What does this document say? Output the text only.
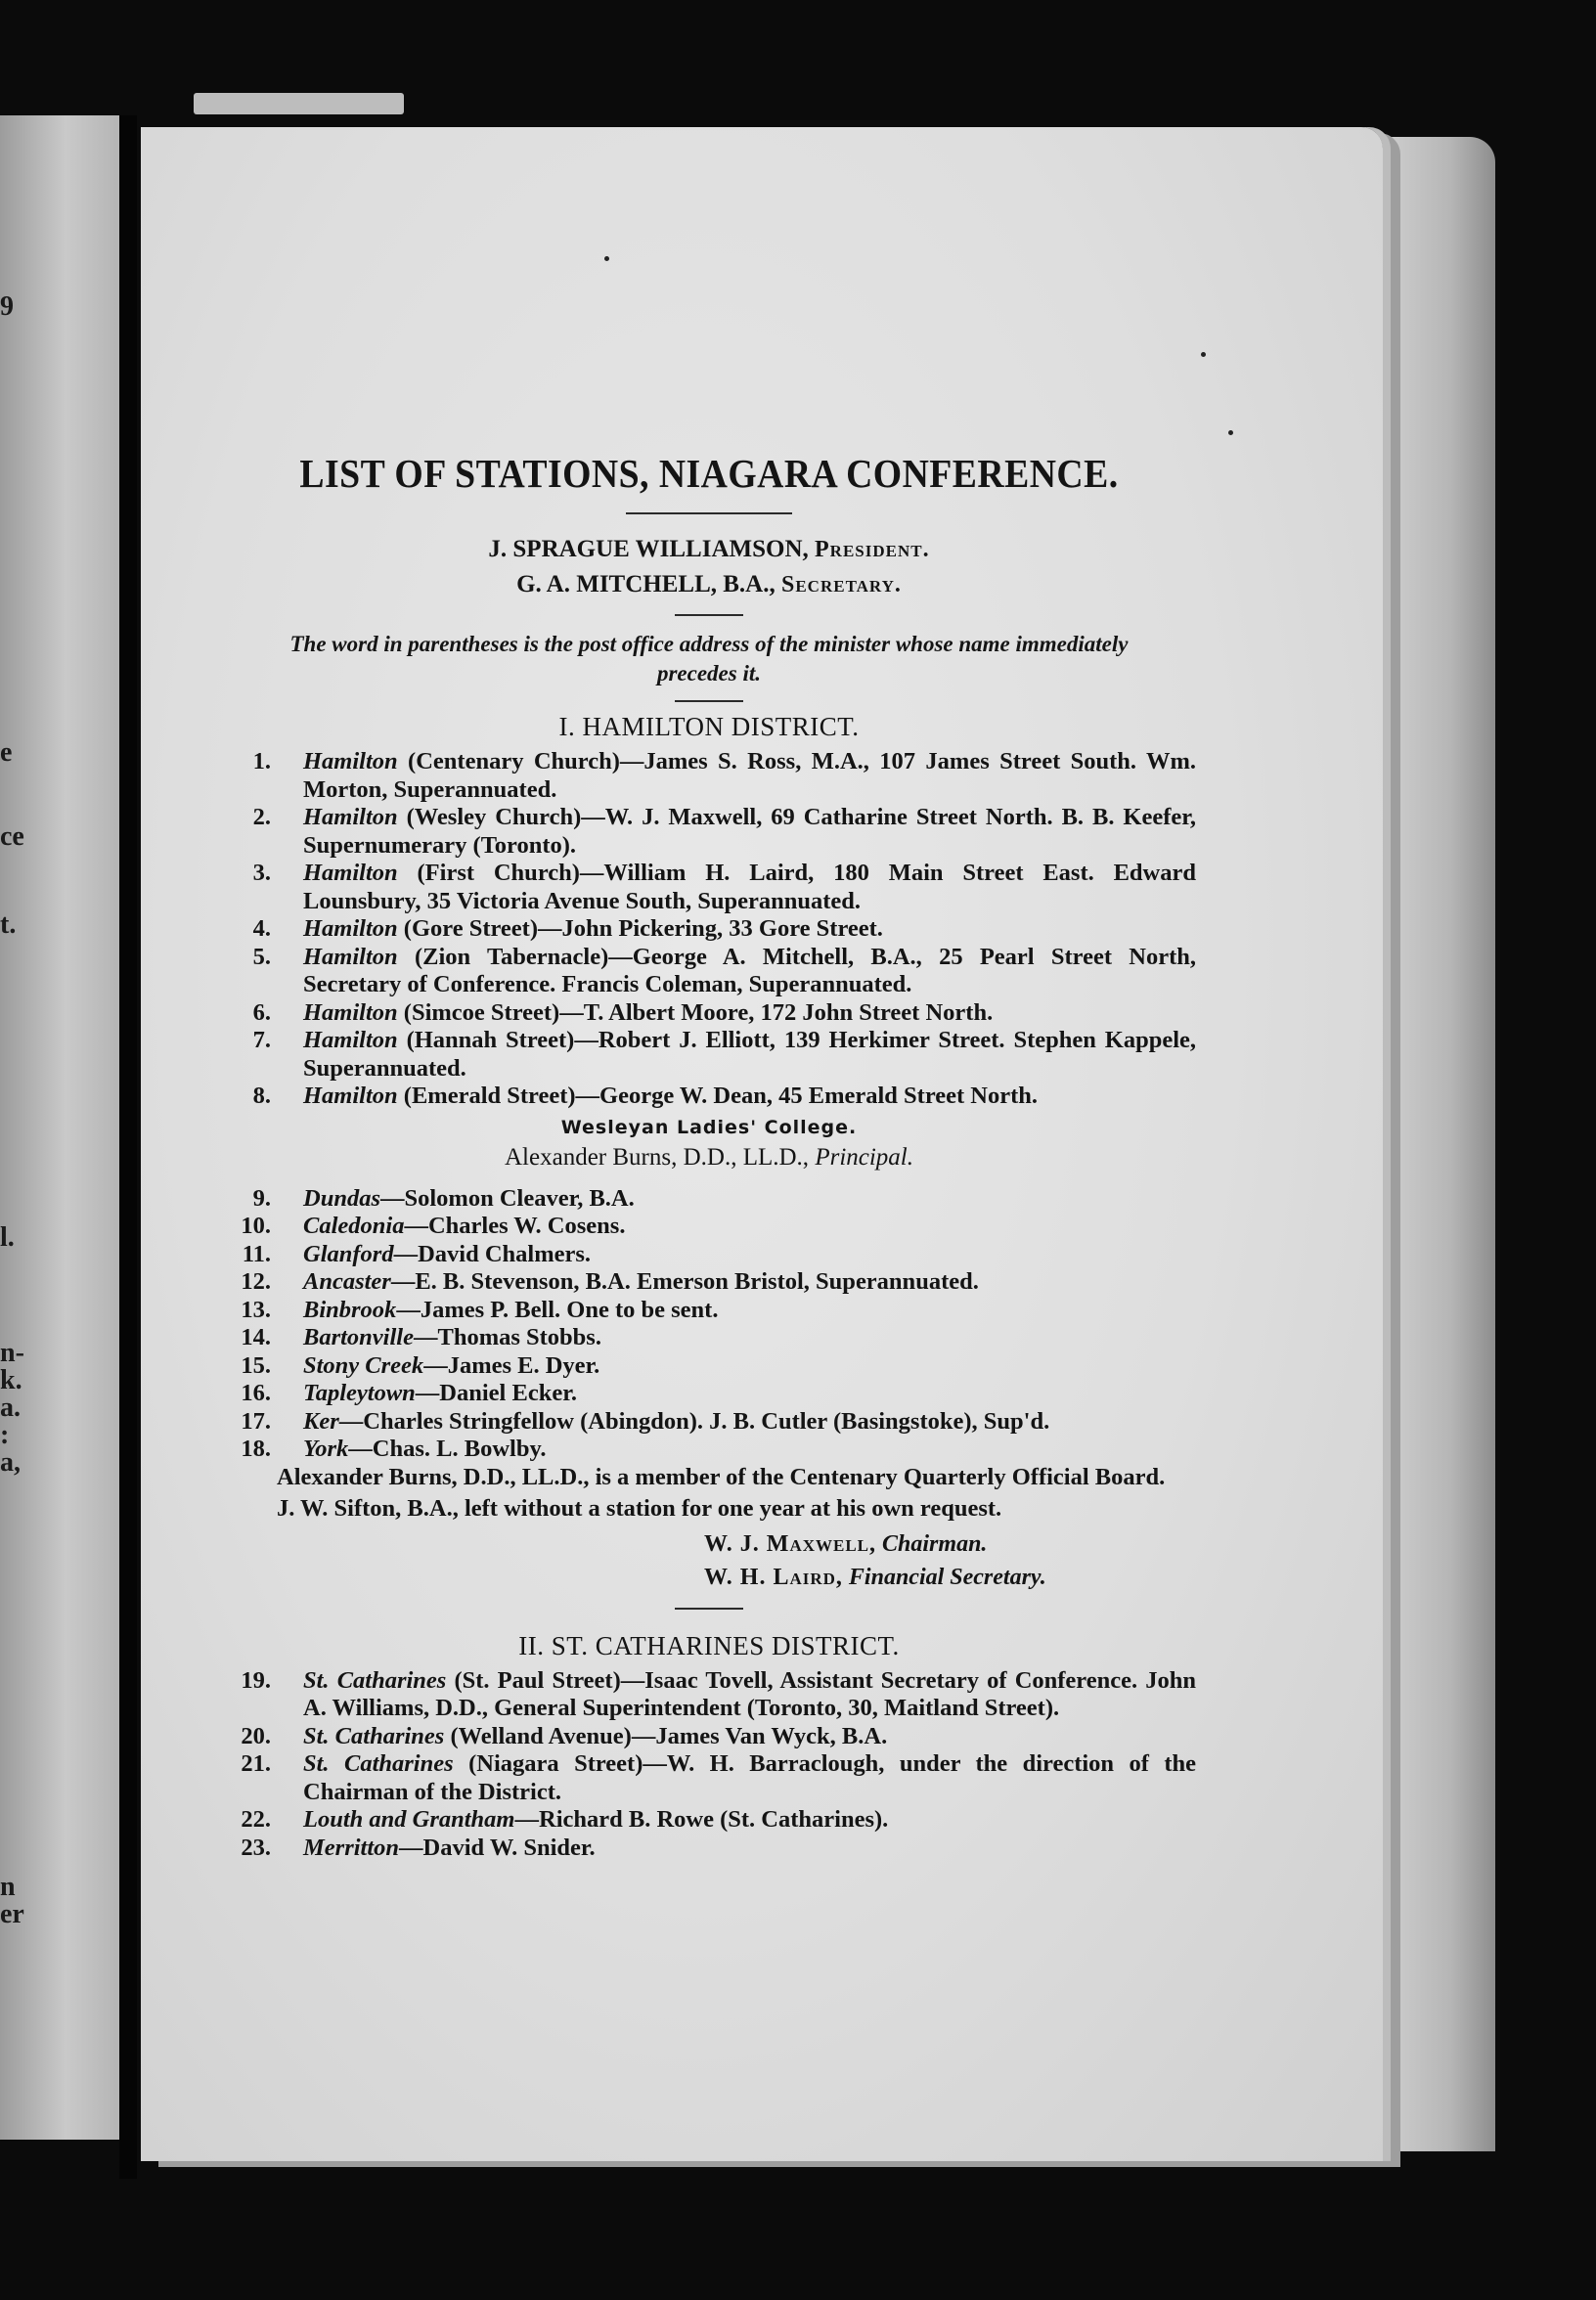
9
e
ce
t.
l.
n-
k.
a.
:
a,
n
er
LIST OF STATIONS, NIAGARA CONFERENCE.
J. SPRAGUE WILLIAMSON, President.
G. A. MITCHELL, B.A., Secretary.
The word in parentheses is the post office address of the minister whose name immediately precedes it.
I. HAMILTON DISTRICT.
1. Hamilton (Centenary Church)—James S. Ross, M.A., 107 James Street South. Wm. Morton, Superannuated.
2. Hamilton (Wesley Church)—W. J. Maxwell, 69 Catharine Street North. B. B. Keefer, Supernumerary (Toronto).
3. Hamilton (First Church)—William H. Laird, 180 Main Street East. Edward Lounsbury, 35 Victoria Avenue South, Superannuated.
4. Hamilton (Gore Street)—John Pickering, 33 Gore Street.
5. Hamilton (Zion Tabernacle)—George A. Mitchell, B.A., 25 Pearl Street North, Secretary of Conference. Francis Coleman, Superannuated.
6. Hamilton (Simcoe Street)—T. Albert Moore, 172 John Street North.
7. Hamilton (Hannah Street)—Robert J. Elliott, 139 Herkimer Street. Stephen Kappele, Superannuated.
8. Hamilton (Emerald Street)—George W. Dean, 45 Emerald Street North.
Wesleyan Ladies' College.
Alexander Burns, D.D., LL.D., Principal.
9. Dundas—Solomon Cleaver, B.A.
10. Caledonia—Charles W. Cosens.
11. Glanford—David Chalmers.
12. Ancaster—E. B. Stevenson, B.A. Emerson Bristol, Superannuated.
13. Binbrook—James P. Bell. One to be sent.
14. Bartonville—Thomas Stobbs.
15. Stony Creek—James E. Dyer.
16. Tapleytown—Daniel Ecker.
17. Ker—Charles Stringfellow (Abingdon). J. B. Cutler (Basingstoke), Sup'd.
18. York—Chas. L. Bowlby.
Alexander Burns, D.D., LL.D., is a member of the Centenary Quarterly Official Board.
J. W. Sifton, B.A., left without a station for one year at his own request.
W. J. Maxwell, Chairman.
W. H. Laird, Financial Secretary.
II. ST. CATHARINES DISTRICT.
19. St. Catharines (St. Paul Street)—Isaac Tovell, Assistant Secretary of Conference. John A. Williams, D.D., General Superintendent (Toronto, 30, Maitland Street).
20. St. Catharines (Welland Avenue)—James Van Wyck, B.A.
21. St. Catharines (Niagara Street)—W. H. Barraclough, under the direction of the Chairman of the District.
22. Louth and Grantham—Richard B. Rowe (St. Catharines).
23. Merritton—David W. Snider.
